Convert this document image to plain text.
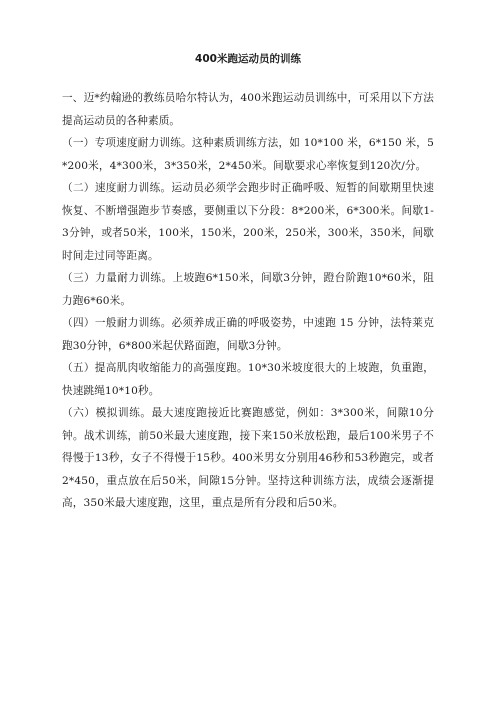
400米跑运动员的训练

一、迈*约翰逊的教练员哈尔特认为，400米跑运动员训练中，可采用以下方法提高运动员的各种素质。

（一）专项速度耐力训练。这种素质训练方法，如 10*100 米，6*150 米，5*200米，4*300米，3*350米，2*450米。间歇要求心率恢复到120次/分。

（二）速度耐力训练。运动员必须学会跑步时正确呼吸、短暂的间歇期里快速恢复、不断增强跑步节奏感，要侧重以下分段：8*200米，6*300米。间歇1-3分钟，或者50米，100米，150米，200米，250米，300米，350米，间歇时间走过同等距离。

（三）力量耐力训练。上坡跑6*150米，间歇3分钟，蹬台阶跑10*60米，阻力跑6*60米。

（四）一般耐力训练。必须养成正确的呼吸姿势，中速跑 15 分钟，法特莱克跑30分钟，6*800米起伏路面跑，间歇3分钟。

（五）提高肌肉收缩能力的高强度跑。10*30米坡度很大的上坡跑，负重跑，快速跳绳10*10秒。

（六）模拟训练。最大速度跑接近比赛跑感觉，例如：3*300米，间隙10分钟。战术训练，前50米最大速度跑，接下来150米放松跑，最后100米男子不得慢于13秒，女子不得慢于15秒。400米男女分别用46秒和53秒跑完，或者2*450，重点放在后50米，间隙15分钟。坚持这种训练方法，成绩会逐渐提高，350米最大速度跑，这里，重点是所有分段和后50米。
